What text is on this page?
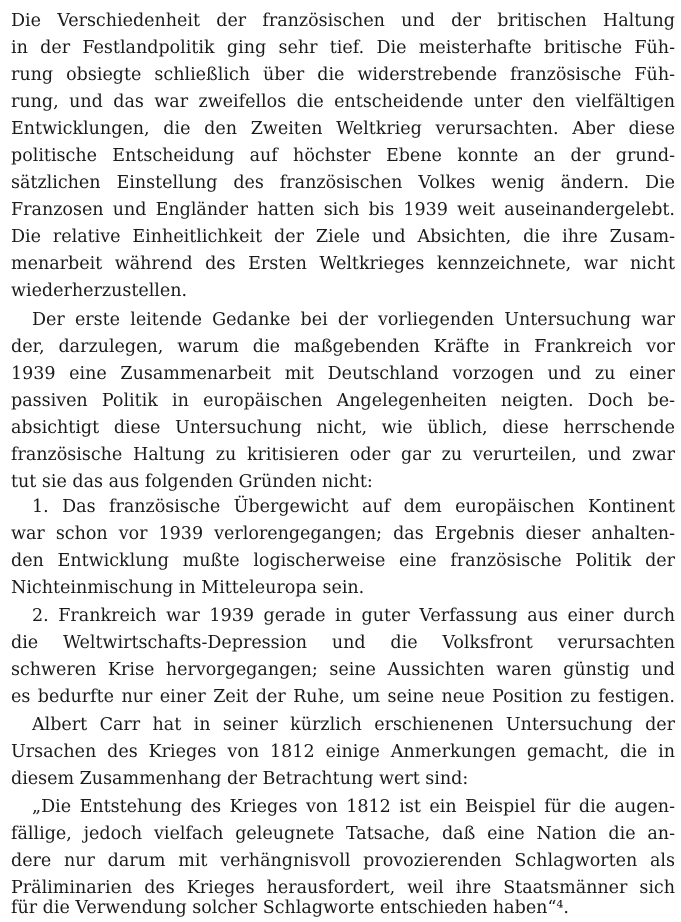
Die Verschiedenheit der französischen und der britischen Haltung
in der Festlandpolitik ging sehr tief. Die meisterhafte britische Füh-
rung obsiegte schließlich über die widerstrebende französische Füh-
rung, und das war zweifellos die entscheidende unter den vielfältigen
Entwicklungen, die den Zweiten Weltkrieg verursachten. Aber diese
politische Entscheidung auf höchster Ebene konnte an der grund-
sätzlichen Einstellung des französischen Volkes wenig ändern. Die
Franzosen und Engländer hatten sich bis 1939 weit auseinandergelebt.
Die relative Einheitlichkeit der Ziele und Absichten, die ihre Zusam-
menarbeit während des Ersten Weltkrieges kennzeichnete, war nicht
wiederherzustellen.
Der erste leitende Gedanke bei der vorliegenden Untersuchung war
der, darzulegen, warum die maßgebenden Kräfte in Frankreich vor
1939 eine Zusammenarbeit mit Deutschland vorzogen und zu einer
passiven Politik in europäischen Angelegenheiten neigten. Doch be-
absichtigt diese Untersuchung nicht, wie üblich, diese herrschende
französische Haltung zu kritisieren oder gar zu verurteilen, und zwar
tut sie das aus folgenden Gründen nicht:
1. Das französische Übergewicht auf dem europäischen Kontinent
war schon vor 1939 verlorengegangen; das Ergebnis dieser anhalten-
den Entwicklung mußte logischerweise eine französische Politik der
Nichteinmischung in Mitteleuropa sein.
2. Frankreich war 1939 gerade in guter Verfassung aus einer durch
die Weltwirtschafts-Depression und die Volksfront verursachten
schweren Krise hervorgegangen; seine Aussichten waren günstig und
es bedurfte nur einer Zeit der Ruhe, um seine neue Position zu festigen.
Albert Carr hat in seiner kürzlich erschienenen Untersuchung der
Ursachen des Krieges von 1812 einige Anmerkungen gemacht, die in
diesem Zusammenhang der Betrachtung wert sind:
„Die Entstehung des Krieges von 1812 ist ein Beispiel für die augen-
fällige, jedoch vielfach geleugnete Tatsache, daß eine Nation die an-
dere nur darum mit verhängnisvoll provozierenden Schlagworten als
Präliminarien des Krieges herausfordert, weil ihre Staatsmänner sich
für die Verwendung solcher Schlagworte entschieden haben“⁴.
